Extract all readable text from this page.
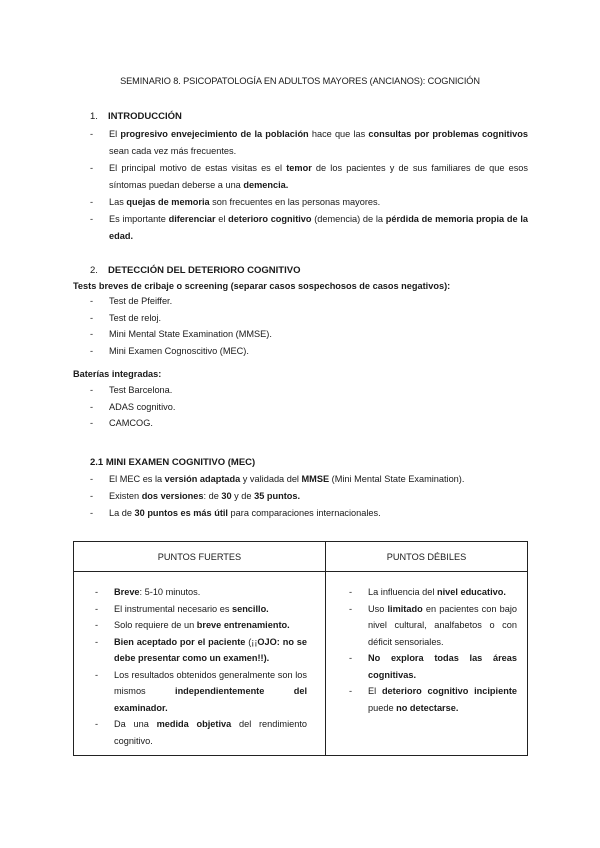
SEMINARIO 8. PSICOPATOLOGÍA EN ADULTOS MAYORES (ANCIANOS): COGNICIÓN
1. INTRODUCCIÓN
- El progresivo envejecimiento de la población hace que las consultas por problemas cognitivos sean cada vez más frecuentes.
- El principal motivo de estas visitas es el temor de los pacientes y de sus familiares de que esos síntomas puedan deberse a una demencia.
- Las quejas de memoria son frecuentes en las personas mayores.
- Es importante diferenciar el deterioro cognitivo (demencia) de la pérdida de memoria propia de la edad.
2. DETECCIÓN DEL DETERIORO COGNITIVO
Tests breves de cribaje o screening (separar casos sospechosos de casos negativos):
- Test de Pfeiffer.
- Test de reloj.
- Mini Mental State Examination (MMSE).
- Mini Examen Cognoscitivo (MEC).
Baterías integradas:
- Test Barcelona.
- ADAS cognitivo.
- CAMCOG.
2.1 MINI EXAMEN COGNITIVO (MEC)
- El MEC es la versión adaptada y validada del MMSE (Mini Mental State Examination).
- Existen dos versiones: de 30 y de 35 puntos.
- La de 30 puntos es más útil para comparaciones internacionales.
PUNTOS FUERTES	PUNTOS DÉBILES
- Breve: 5-10 minutos.
- El instrumental necesario es sencillo.
- Solo requiere de un breve entrenamiento.
- Bien aceptado por el paciente (¡¡OJO: no se debe presentar como un examen!!).
- Los resultados obtenidos generalmente son los mismos independientemente del examinador.
- Da una medida objetiva del rendimiento cognitivo.
- La influencia del nivel educativo.
- Uso limitado en pacientes con bajo nivel cultural, analfabetos o con déficit sensoriales.
- No explora todas las áreas cognitivas.
- El deterioro cognitivo incipiente puede no detectarse.
